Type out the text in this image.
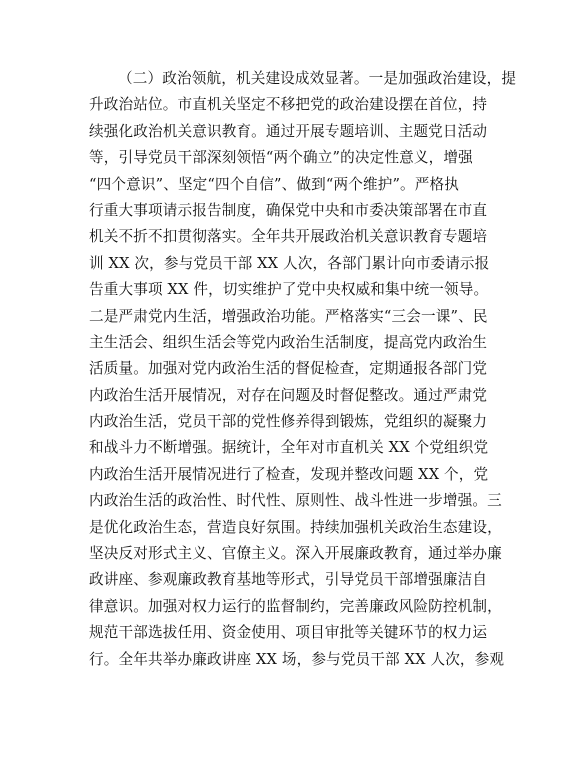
（二）政治领航，机关建设成效显著。一是加强政治建设，提
升政治站位。市直机关坚定不移把党的政治建设摆在首位，持
续强化政治机关意识教育。通过开展专题培训、主题党日活动
等，引导党员干部深刻领悟“两个确立”的决定性意义，增强
“四个意识”、坚定“四个自信”、做到“两个维护”。严格执
行重大事项请示报告制度，确保党中央和市委决策部署在市直
机关不折不扣贯彻落实。全年共开展政治机关意识教育专题培
训 XX 次，参与党员干部 XX 人次，各部门累计向市委请示报
告重大事项 XX 件，切实维护了党中央权威和集中统一领导。
二是严肃党内生活，增强政治功能。严格落实“三会一课”、民
主生活会、组织生活会等党内政治生活制度，提高党内政治生
活质量。加强对党内政治生活的督促检查，定期通报各部门党
内政治生活开展情况，对存在问题及时督促整改。通过严肃党
内政治生活，党员干部的党性修养得到锻炼，党组织的凝聚力
和战斗力不断增强。据统计，全年对市直机关 XX 个党组织党
内政治生活开展情况进行了检查，发现并整改问题 XX 个，党
内政治生活的政治性、时代性、原则性、战斗性进一步增强。三
是优化政治生态，营造良好氛围。持续加强机关政治生态建设，
坚决反对形式主义、官僚主义。深入开展廉政教育，通过举办廉
政讲座、参观廉政教育基地等形式，引导党员干部增强廉洁自
律意识。加强对权力运行的监督制约，完善廉政风险防控机制，
规范干部选拔任用、资金使用、项目审批等关键环节的权力运
行。全年共举办廉政讲座 XX 场，参与党员干部 XX 人次，参观
